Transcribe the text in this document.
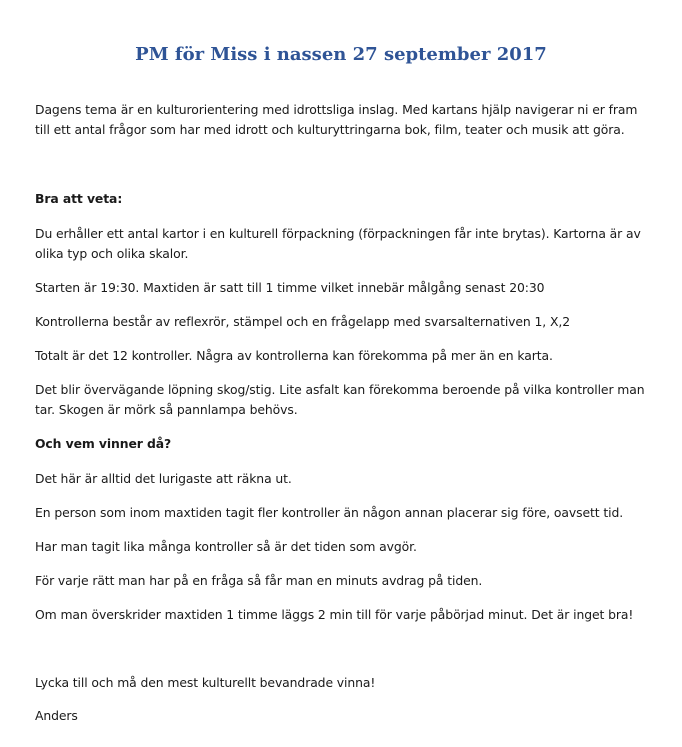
PM för Miss i nassen 27 september 2017

Dagens tema är en kulturorientering med idrottsliga inslag. Med kartans hjälp navigerar ni er fram till ett antal frågor som har med idrott och kulturyttringarna bok, film, teater och musik att göra.

Bra att veta:

Du erhåller ett antal kartor i en kulturell förpackning (förpackningen får inte brytas). Kartorna är av olika typ och olika skalor.

Starten är 19:30. Maxtiden är satt till 1 timme vilket innebär målgång senast 20:30

Kontrollerna består av reflexrör, stämpel och en frågelapp med svarsalternativen 1, X,2

Totalt är det 12 kontroller. Några av kontrollerna kan förekomma på mer än en karta.

Det blir övervägande löpning skog/stig. Lite asfalt kan förekomma beroende på vilka kontroller man tar. Skogen är mörk så pannlampa behövs.

Och vem vinner då?

Det här är alltid det lurigaste att räkna ut.

En person som inom maxtiden tagit fler kontroller än någon annan placerar sig före, oavsett tid.

Har man tagit lika många kontroller så är det tiden som avgör.

För varje rätt man har på en fråga så får man en minuts avdrag på tiden.

Om man överskrider maxtiden 1 timme läggs 2 min till för varje påbörjad minut. Det är inget bra!

Lycka till och må den mest kulturellt bevandrade vinna!

Anders
